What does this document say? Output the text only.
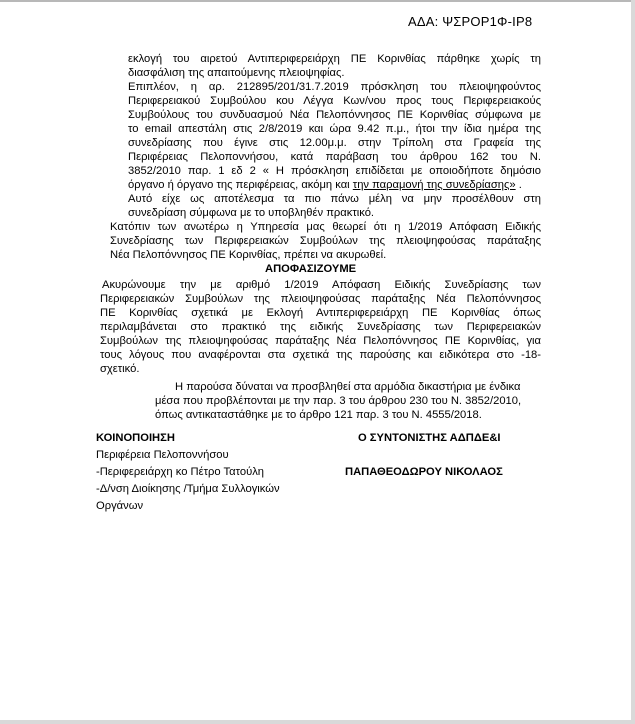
ΑΔΑ: ΨΣΡΟΡ1Φ-ΙΡ8
εκλογή του αιρετού Αντιπεριφερειάρχη ΠΕ Κορινθίας πάρθηκε χωρίς τη
διασφάλιση της απαιτούμενης πλειοψηφίας.
Επιπλέον, η αρ. 212895/201/31.7.2019 πρόσκληση του πλειοψηφούντος
Περιφερειακού Συμβούλου κου Λέγγα Κων/νου προς τους Περιφερειακούς
Συμβούλους του συνδυασμού Νέα Πελοπόννησος ΠΕ Κορινθίας σύμφωνα με
το email απεστάλη στις 2/8/2019 και ώρα 9.42 π.μ., ήτοι την ίδια ημέρα της
συνεδρίασης που έγινε στις 12.00μ.μ. στην Τρίπολη στα Γραφεία της
Περιφέρειας Πελοποννήσου, κατά παράβαση του άρθρου 162 του Ν.
3852/2010 παρ. 1 εδ 2 « Η πρόσκληση επιδίδεται με οποιοδήποτε δημόσιο
όργανο ή όργανο της περιφέρειας, ακόμη και την παραμονή της συνεδρίασης» .
Αυτό είχε ως αποτέλεσμα τα πιο πάνω μέλη να μην προσέλθουν στη
συνεδρίαση σύμφωνα με το υποβληθέν πρακτικό.
Κατόπιν των ανωτέρω η Υπηρεσία μας θεωρεί ότι η 1/2019 Απόφαση Ειδικής
Συνεδρίασης των Περιφερειακών Συμβούλων της πλειοψηφούσας παράταξης
Νέα Πελοπόννησος ΠΕ Κορινθίας, πρέπει να ακυρωθεί.
ΑΠΟΦΑΣΙΖΟΥΜΕ
Ακυρώνουμε την με αριθμό 1/2019 Απόφαση Ειδικής Συνεδρίασης των
Περιφερειακών Συμβούλων της πλειοψηφούσας παράταξης Νέα Πελοπόννησος
ΠΕ Κορινθίας σχετικά με Εκλογή Αντιπεριφερειάρχη ΠΕ Κορινθίας όπως
περιλαμβάνεται στο πρακτικό της ειδικής Συνεδρίασης των Περιφερειακών
Συμβούλων της πλειοψηφούσας παράταξης Νέα Πελοπόννησος ΠΕ Κορινθίας, για
τους λόγους που αναφέρονται στα σχετικά της παρούσης και ειδικότερα στο -18-
σχετικό.
Η παρούσα δύναται να προσβληθεί στα αρμόδια δικαστήρια με ένδικα
μέσα που προβλέπονται με την παρ. 3 του άρθρου 230 του Ν. 3852/2010,
όπως αντικαταστάθηκε με το άρθρο 121 παρ. 3 του Ν. 4555/2018.
ΚΟΙΝΟΠΟΙΗΣΗ
Περιφέρεια Πελοποννήσου
-Περιφερειάρχη κο Πέτρο Τατούλη
-Δ/νση Διοίκησης /Τμήμα Συλλογικών
Οργάνων
Ο ΣΥΝΤΟΝΙΣΤΗΣ ΑΔΠΔΕ&Ι
ΠΑΠΑΘΕΟΔΩΡΟΥ ΝΙΚΟΛΑΟΣ
